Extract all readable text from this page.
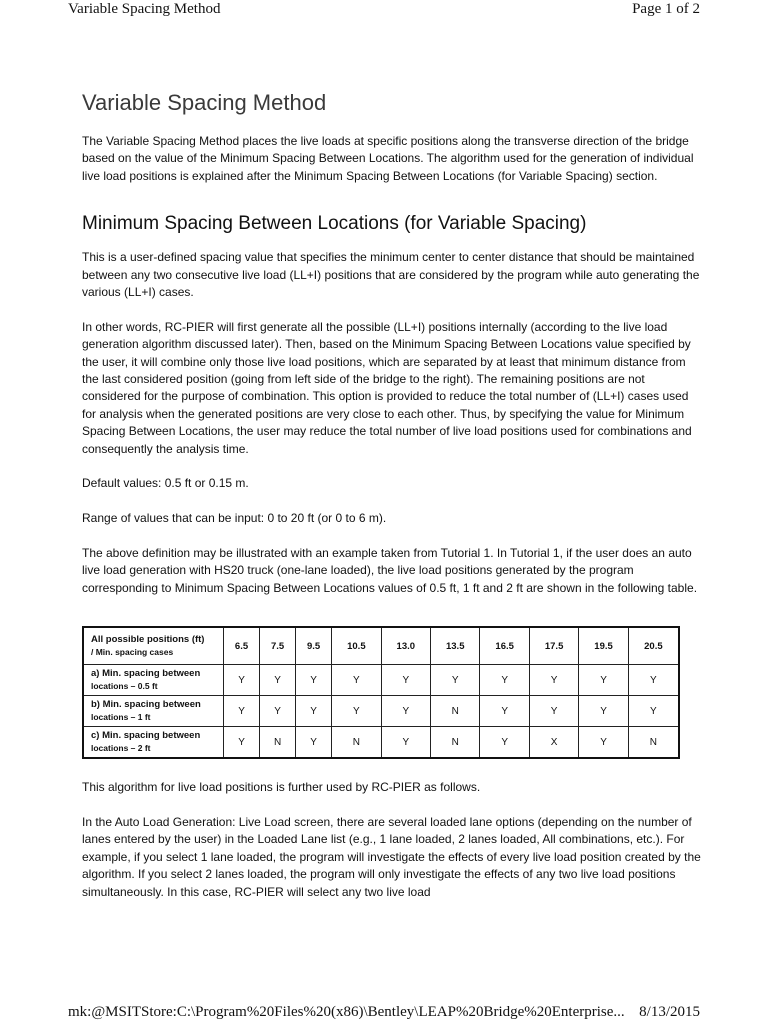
Variable Spacing Method	Page 1 of 2
Variable Spacing Method

The Variable Spacing Method places the live loads at specific positions along the transverse direction of the bridge based on the value of the Minimum Spacing Between Locations. The algorithm used for the generation of individual live load positions is explained after the Minimum Spacing Between Locations (for Variable Spacing) section.

Minimum Spacing Between Locations (for Variable Spacing)

This is a user-defined spacing value that specifies the minimum center to center distance that should be maintained between any two consecutive live load (LL+I) positions that are considered by the program while auto generating the various (LL+I) cases.

In other words, RC-PIER will first generate all the possible (LL+I) positions internally (according to the live load generation algorithm discussed later). Then, based on the Minimum Spacing Between Locations value specified by the user, it will combine only those live load positions, which are separated by at least that minimum distance from the last considered position (going from left side of the bridge to the right). The remaining positions are not considered for the purpose of combination. This option is provided to reduce the total number of (LL+I) cases used for analysis when the generated positions are very close to each other. Thus, by specifying the value for Minimum Spacing Between Locations, the user may reduce the total number of live load positions used for combinations and consequently the analysis time.

Default values: 0.5 ft or 0.15 m.

Range of values that can be input: 0 to 20 ft (or 0 to 6 m).

The above definition may be illustrated with an example taken from Tutorial 1. In Tutorial 1, if the user does an auto live load generation with HS20 truck (one-lane loaded), the live load positions generated by the program corresponding to Minimum Spacing Between Locations values of 0.5 ft, 1 ft and 2 ft are shown in the following table.

All possible positions (ft)
/ Min. spacing cases	6.5	7.5	9.5	10.5	13.0	13.5	16.5	17.5	19.5	20.5
a) Min. spacing between
locations – 0.5 ft	Y	Y	Y	Y	Y	Y	Y	Y	Y	Y
b) Min. spacing between
locations – 1 ft	Y	Y	Y	Y	Y	N	Y	Y	Y	Y
c) Min. spacing between
locations – 2 ft	Y	N	Y	N	Y	N	Y	X	Y	N

This algorithm for live load positions is further used by RC-PIER as follows.

In the Auto Load Generation: Live Load screen, there are several loaded lane options (depending on the number of lanes entered by the user) in the Loaded Lane list (e.g., 1 lane loaded, 2 lanes loaded, All combinations, etc.). For example, if you select 1 lane loaded, the program will investigate the effects of every live load position created by the algorithm. If you select 2 lanes loaded, the program will only investigate the effects of any two live load positions simultaneously. In this case, RC-PIER will select any two live load

mk:@MSITStore:C:\Program%20Files%20(x86)\Bentley\LEAP%20Bridge%20Enterprise... 8/13/2015
